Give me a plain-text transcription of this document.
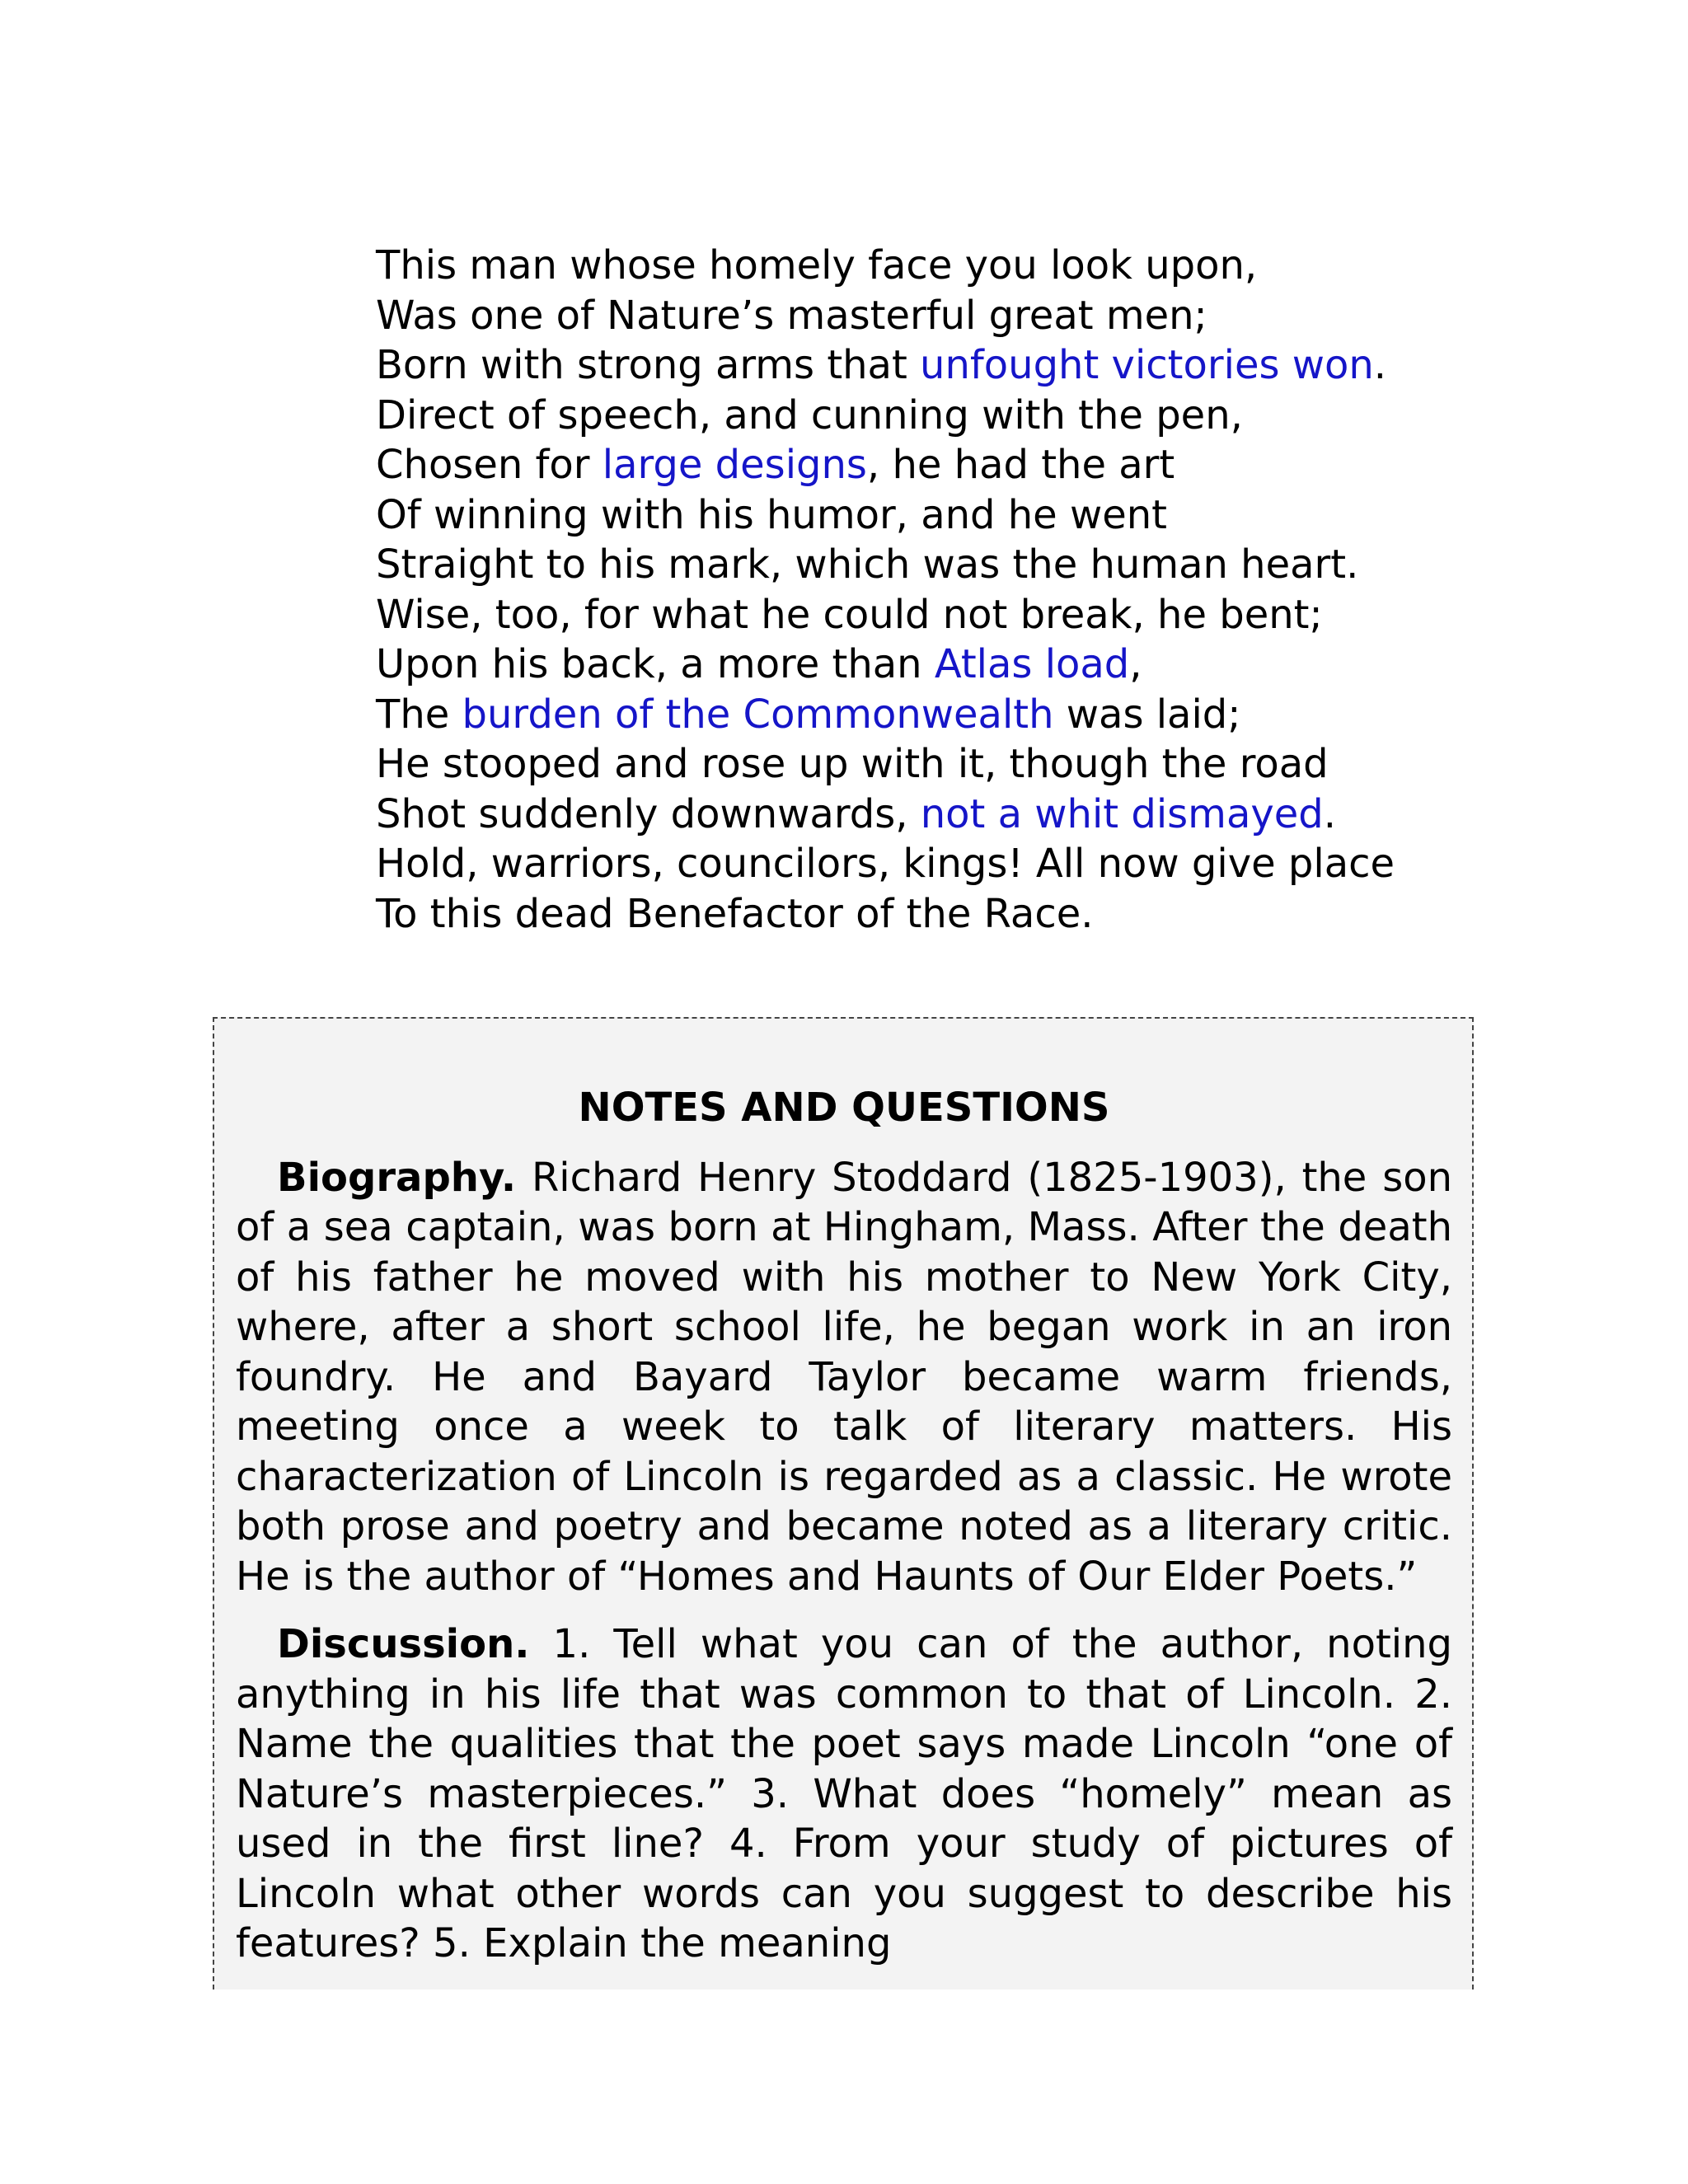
This man whose homely face you look upon,
Was one of Nature’s masterful great men;
Born with strong arms that unfought victories won.
Direct of speech, and cunning with the pen,
Chosen for large designs, he had the art
Of winning with his humor, and he went
Straight to his mark, which was the human heart.
Wise, too, for what he could not break, he bent;
Upon his back, a more than Atlas load,
The burden of the Commonwealth was laid;
He stooped and rose up with it, though the road
Shot suddenly downwards, not a whit dismayed.
Hold, warriors, councilors, kings! All now give place
To this dead Benefactor of the Race.
NOTES AND QUESTIONS

Biography. Richard Henry Stoddard (1825-1903), the son of a sea captain, was born at Hingham, Mass. After the death of his father he moved with his mother to New York City, where, after a short school life, he began work in an iron foundry. He and Bayard Taylor became warm friends, meeting once a week to talk of literary matters. His characterization of Lincoln is regarded as a classic. He wrote both prose and poetry and became noted as a literary critic. He is the author of “Homes and Haunts of Our Elder Poets.”

Discussion. 1. Tell what you can of the author, noting anything in his life that was common to that of Lincoln. 2. Name the qualities that the poet says made Lincoln “one of Nature’s masterpieces.” 3. What does “homely” mean as used in the first line? 4. From your study of pictures of Lincoln what other words can you suggest to describe his features? 5. Explain the meaning
